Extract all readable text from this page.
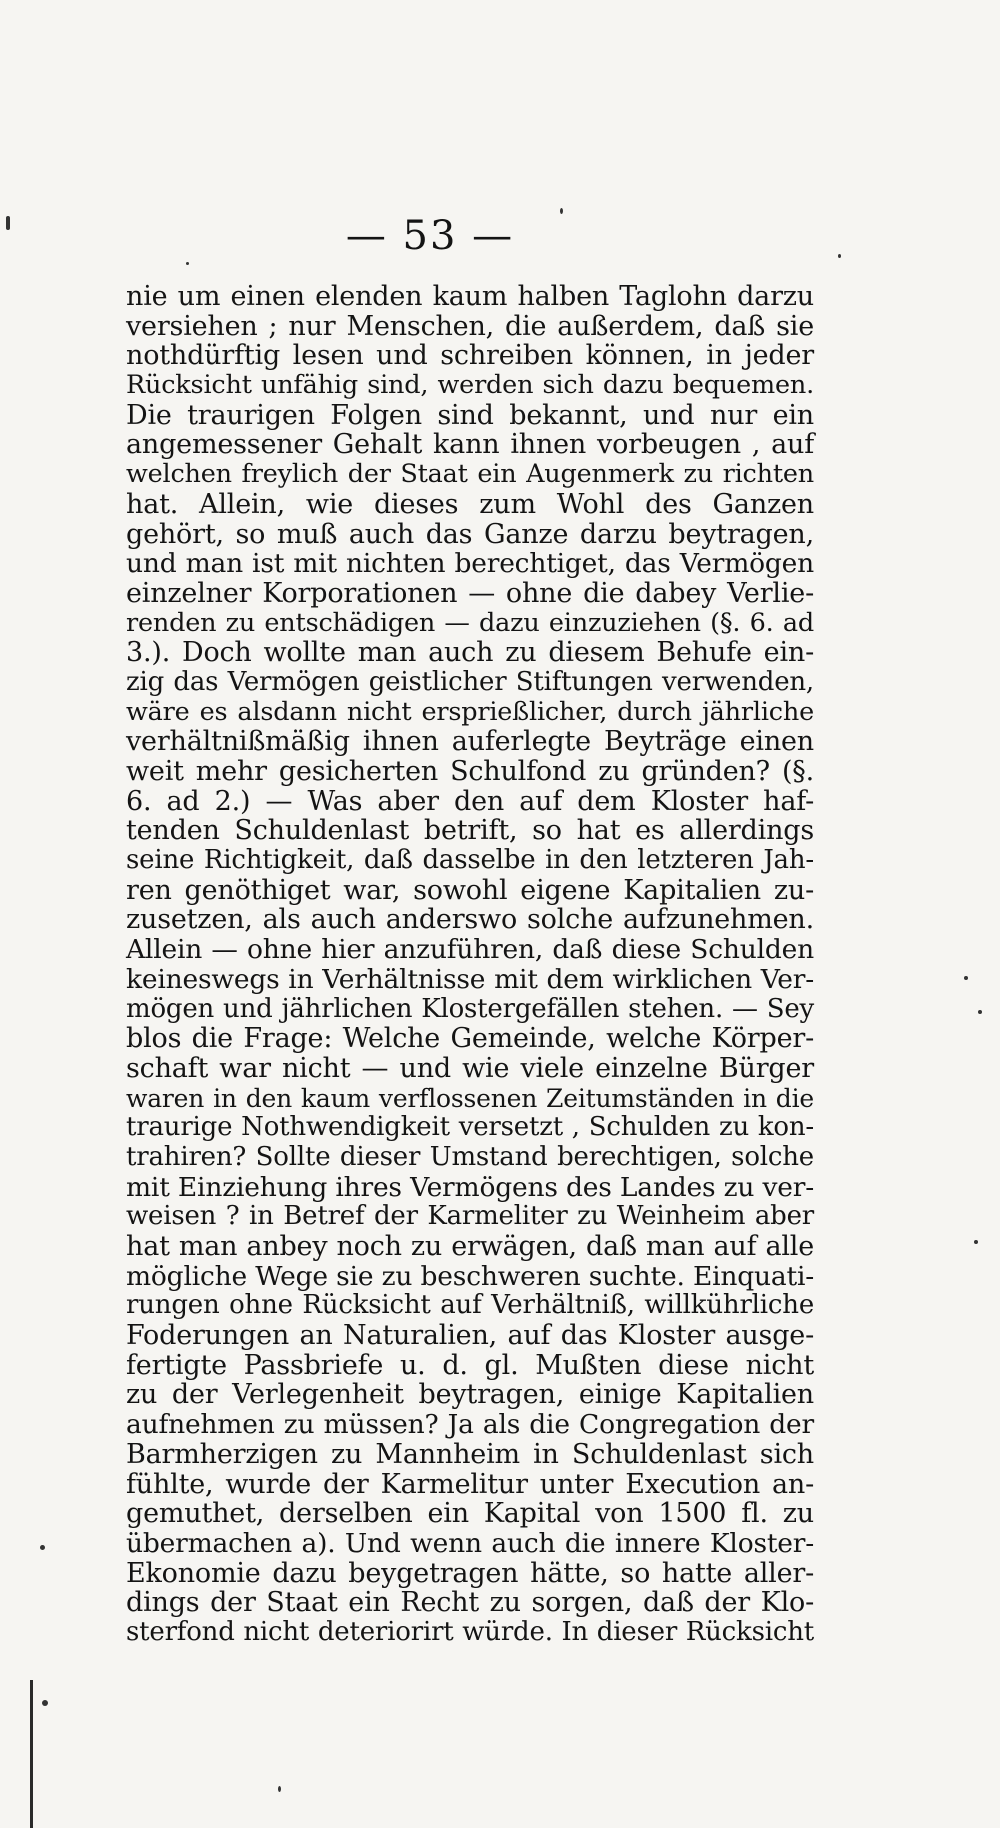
— 53 —
nie um einen elenden kaum halben Taglohn darzu
versiehen ; nur Menschen, die außerdem, daß sie
nothdürftig lesen und schreiben können, in jeder
Rücksicht unfähig sind, werden sich dazu bequemen.
Die traurigen Folgen sind bekannt, und nur ein
angemessener Gehalt kann ihnen vorbeugen , auf
welchen freylich der Staat ein Augenmerk zu richten
hat. Allein, wie dieses zum Wohl des Ganzen
gehört, so muß auch das Ganze darzu beytragen,
und man ist mit nichten berechtiget, das Vermögen
einzelner Korporationen — ohne die dabey Verlie-
renden zu entschädigen — dazu einzuziehen (§. 6. ad
3.). Doch wollte man auch zu diesem Behufe ein-
zig das Vermögen geistlicher Stiftungen verwenden,
wäre es alsdann nicht ersprießlicher, durch jährliche
verhältnißmäßig ihnen auferlegte Beyträge einen
weit mehr gesicherten Schulfond zu gründen? (§.
6. ad 2.) — Was aber den auf dem Kloster haf-
tenden Schuldenlast betrift, so hat es allerdings
seine Richtigkeit, daß dasselbe in den letzteren Jah-
ren genöthiget war, sowohl eigene Kapitalien zu-
zusetzen, als auch anderswo solche aufzunehmen.
Allein — ohne hier anzuführen, daß diese Schulden
keineswegs in Verhältnisse mit dem wirklichen Ver-
mögen und jährlichen Klostergefällen stehen. — Sey
blos die Frage: Welche Gemeinde, welche Körper-
schaft war nicht — und wie viele einzelne Bürger
waren in den kaum verflossenen Zeitumständen in die
traurige Nothwendigkeit versetzt , Schulden zu kon-
trahiren? Sollte dieser Umstand berechtigen, solche
mit Einziehung ihres Vermögens des Landes zu ver-
weisen ? in Betref der Karmeliter zu Weinheim aber
hat man anbey noch zu erwägen, daß man auf alle
mögliche Wege sie zu beschweren suchte. Einquati-
rungen ohne Rücksicht auf Verhältniß, willkührliche
Foderungen an Naturalien, auf das Kloster ausge-
fertigte Passbriefe u. d. gl. Mußten diese nicht
zu der Verlegenheit beytragen, einige Kapitalien
aufnehmen zu müssen? Ja als die Congregation der
Barmherzigen zu Mannheim in Schuldenlast sich
fühlte, wurde der Karmelitur unter Execution an-
gemuthet, derselben ein Kapital von 1500 fl. zu
übermachen a). Und wenn auch die innere Kloster-
Ekonomie dazu beygetragen hätte, so hatte aller-
dings der Staat ein Recht zu sorgen, daß der Klo-
sterfond nicht deteriorirt würde. In dieser Rücksicht
